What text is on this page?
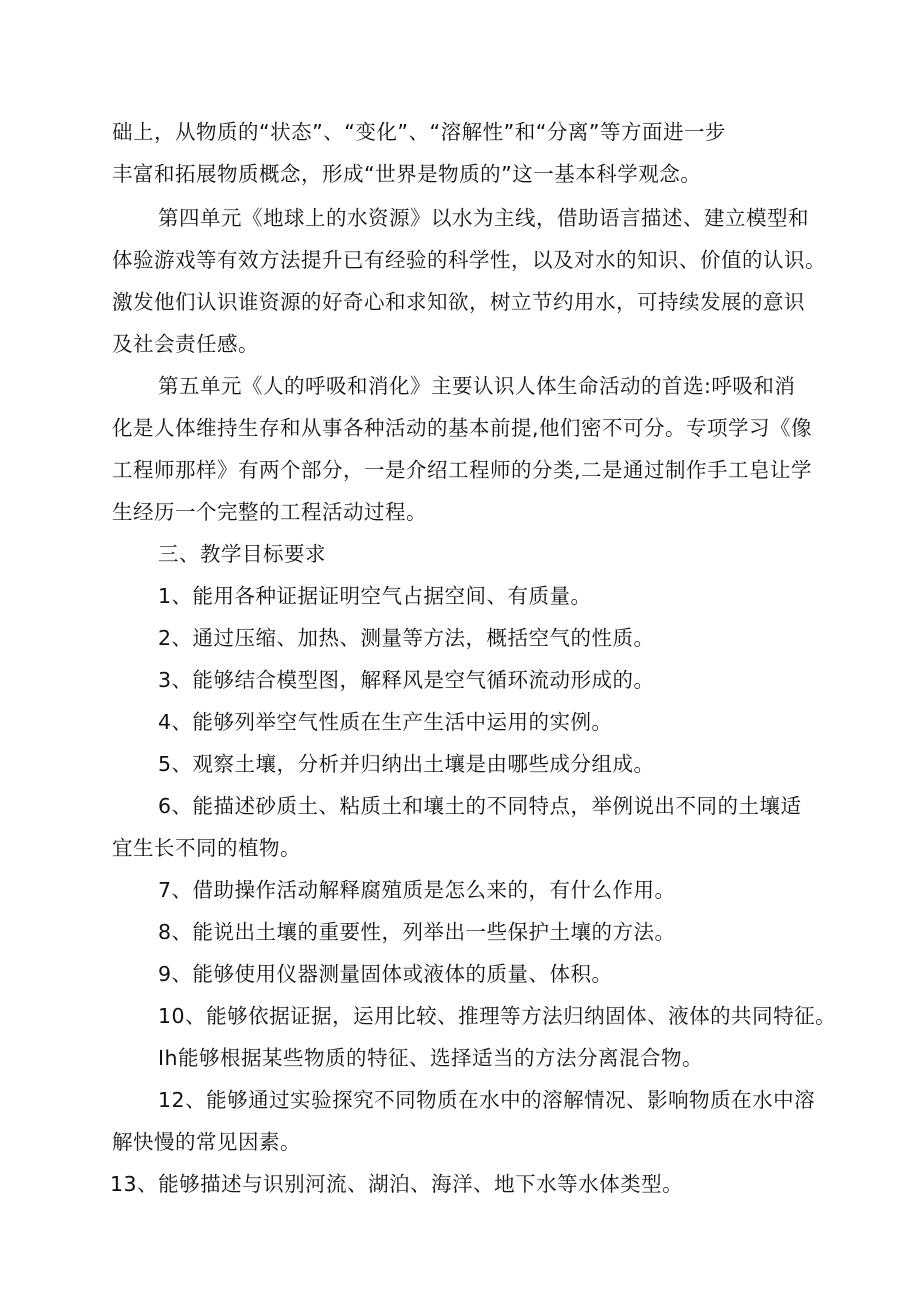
础上，从物质的“状态”、“变化”、“溶解性”和“分离”等方面进一步
丰富和拓展物质概念，形成“世界是物质的”这一基本科学观念。
第四单元《地球上的水资源》以水为主线，借助语言描述、建立模型和
体验游戏等有效方法提升已有经验的科学性，以及对水的知识、价值的认识。
激发他们认识谁资源的好奇心和求知欲，树立节约用水，可持续发展的意识
及社会责任感。
第五单元《人的呼吸和消化》主要认识人体生命活动的首选:呼吸和消
化是人体维持生存和从事各种活动的基本前提,他们密不可分。专项学习《像
工程师那样》有两个部分，一是介绍工程师的分类,二是通过制作手工皂让学
生经历一个完整的工程活动过程。
三、教学目标要求
1、能用各种证据证明空气占据空间、有质量。
2、通过压缩、加热、测量等方法，概括空气的性质。
3、能够结合模型图，解释风是空气循环流动形成的。
4、能够列举空气性质在生产生活中运用的实例。
5、观察土壤，分析并归纳出土壤是由哪些成分组成。
6、能描述砂质土、粘质土和壤土的不同特点，举例说出不同的土壤适
宜生长不同的植物。
7、借助操作活动解释腐殖质是怎么来的，有什么作用。
8、能说出土壤的重要性，列举出一些保护土壤的方法。
9、能够使用仪器测量固体或液体的质量、体积。
10、能够依据证据，运用比较、推理等方法归纳固体、液体的共同特征。
Ih能够根据某些物质的特征、选择适当的方法分离混合物。
12、能够通过实验探究不同物质在水中的溶解情况、影响物质在水中溶
解快慢的常见因素。
13、能够描述与识别河流、湖泊、海洋、地下水等水体类型。
